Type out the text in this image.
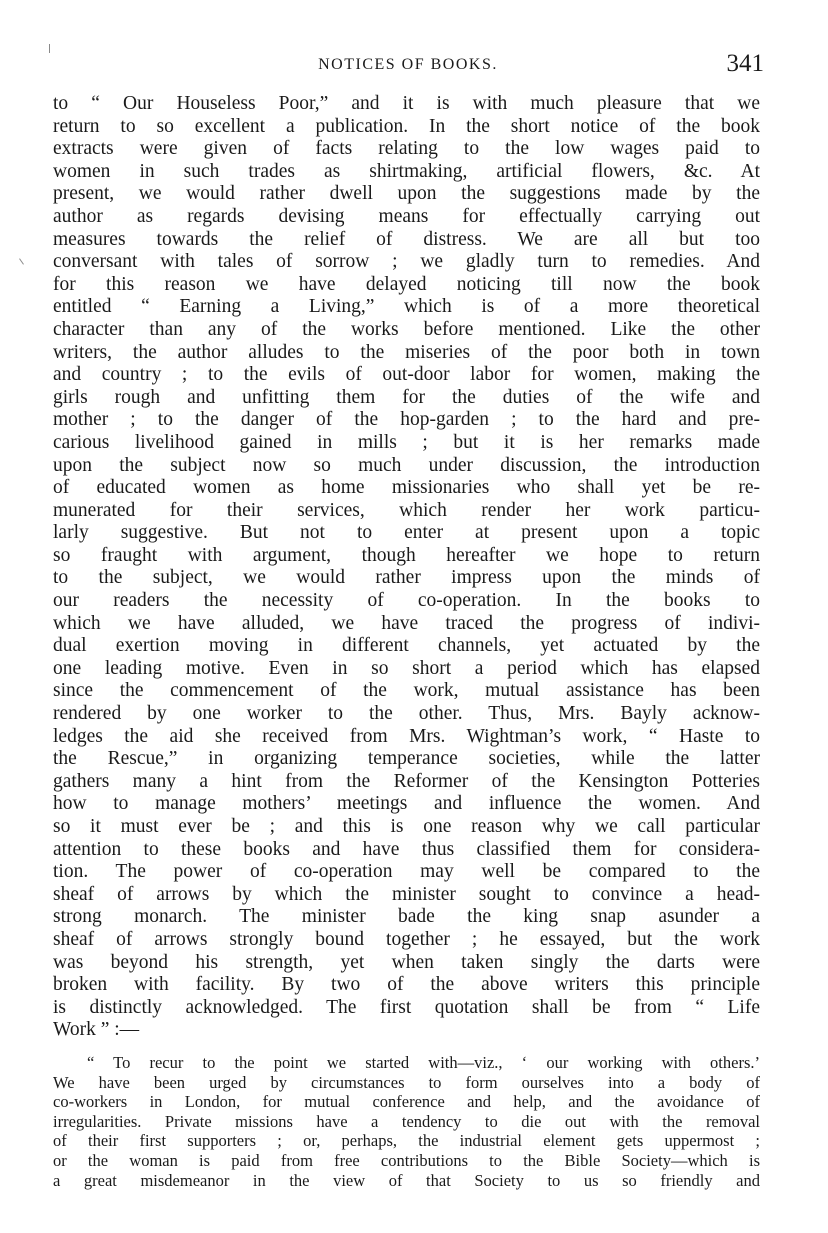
NOTICES OF BOOKS.	341
to “ Our Houseless Poor,” and it is with much pleasure that we
return to so excellent a publication. In the short notice of the book
extracts were given of facts relating to the low wages paid to
women in such trades as shirtmaking, artificial flowers, &c. At
present, we would rather dwell upon the suggestions made by the
author as regards devising means for effectually carrying out
measures towards the relief of distress. We are all but too
conversant with tales of sorrow ; we gladly turn to remedies. And
for this reason we have delayed noticing till now the book
entitled “ Earning a Living,” which is of a more theoretical
character than any of the works before mentioned. Like the other
writers, the author alludes to the miseries of the poor both in town
and country ; to the evils of out-door labor for women, making the
girls rough and unfitting them for the duties of the wife and
mother ; to the danger of the hop-garden ; to the hard and pre-
carious livelihood gained in mills ; but it is her remarks made
upon the subject now so much under discussion, the introduction
of educated women as home missionaries who shall yet be re-
munerated for their services, which render her work particu-
larly suggestive. But not to enter at present upon a topic
so fraught with argument, though hereafter we hope to return
to the subject, we would rather impress upon the minds of
our readers the necessity of co-operation. In the books to
which we have alluded, we have traced the progress of indivi-
dual exertion moving in different channels, yet actuated by the
one leading motive. Even in so short a period which has elapsed
since the commencement of the work, mutual assistance has been
rendered by one worker to the other. Thus, Mrs. Bayly acknow-
ledges the aid she received from Mrs. Wightman’s work, “ Haste to
the Rescue,” in organizing temperance societies, while the latter
gathers many a hint from the Reformer of the Kensington Potteries
how to manage mothers’ meetings and influence the women. And
so it must ever be ; and this is one reason why we call particular
attention to these books and have thus classified them for considera-
tion. The power of co-operation may well be compared to the
sheaf of arrows by which the minister sought to convince a head-
strong monarch. The minister bade the king snap asunder a
sheaf of arrows strongly bound together ; he essayed, but the work
was beyond his strength, yet when taken singly the darts were
broken with facility. By two of the above writers this principle
is distinctly acknowledged. The first quotation shall be from “ Life
Work ” :—
“ To recur to the point we started with—viz., ‘ our working with others.’
We have been urged by circumstances to form ourselves into a body of
co-workers in London, for mutual conference and help, and the avoidance of
irregularities. Private missions have a tendency to die out with the removal
of their first supporters ; or, perhaps, the industrial element gets uppermost ;
or the woman is paid from free contributions to the Bible Society—which is
a great misdemeanor in the view of that Society to us so friendly and
